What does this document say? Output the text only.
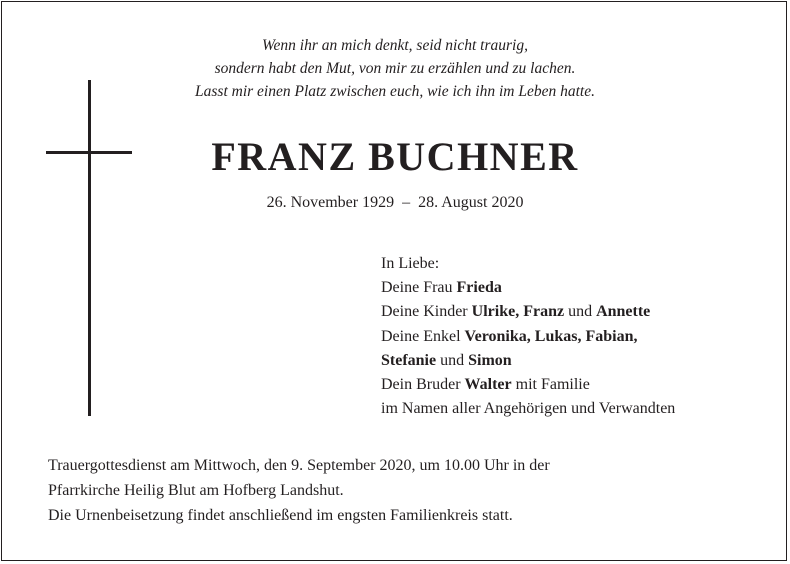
Wenn ihr an mich denkt, seid nicht traurig,
sondern habt den Mut, von mir zu erzählen und zu lachen.
Lasst mir einen Platz zwischen euch, wie ich ihn im Leben hatte.
FRANZ BUCHNER
26. November 1929  –  28. August 2020
In Liebe:
Deine Frau Frieda
Deine Kinder Ulrike, Franz und Annette
Deine Enkel Veronika, Lukas, Fabian,
Stefanie und Simon
Dein Bruder Walter mit Familie
im Namen aller Angehörigen und Verwandten
Trauergottesdienst am Mittwoch, den 9. September 2020, um 10.00 Uhr in der
Pfarrkirche Heilig Blut am Hofberg Landshut.
Die Urnenbeisetzung findet anschließend im engsten Familienkreis statt.
